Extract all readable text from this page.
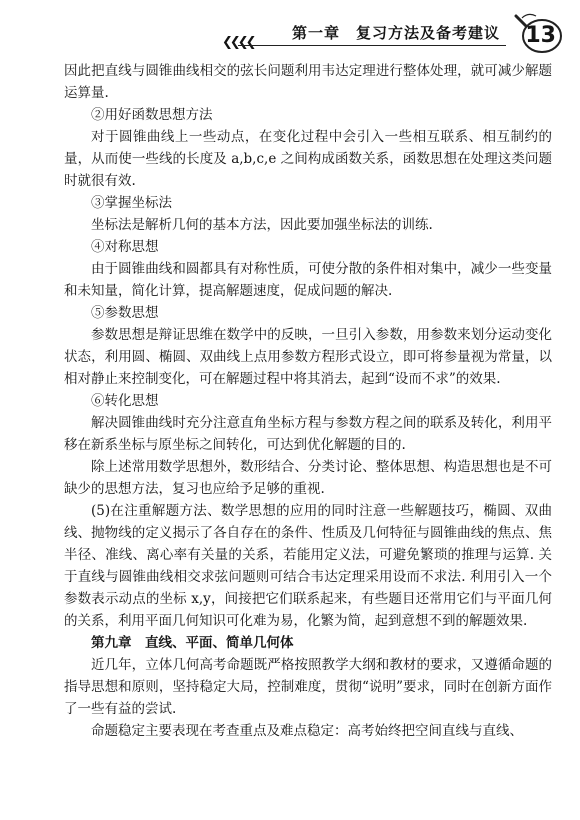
❮❮❮❮
第一章　复习方法及备考建议 13

因此把直线与圆锥曲线相交的弦长问题利用韦达定理进行整体处理，就可减少解题运算量.

②用好函数思想方法

对于圆锥曲线上一些动点，在变化过程中会引入一些相互联系、相互制约的量，从而使一些线的长度及 a,b,c,e 之间构成函数关系，函数思想在处理这类问题时就很有效.

③掌握坐标法

坐标法是解析几何的基本方法，因此要加强坐标法的训练.

④对称思想

由于圆锥曲线和圆都具有对称性质，可使分散的条件相对集中，减少一些变量和未知量，简化计算，提高解题速度，促成问题的解决.

⑤参数思想

参数思想是辩证思维在数学中的反映，一旦引入参数，用参数来划分运动变化状态，利用圆、椭圆、双曲线上点用参数方程形式设立，即可将参量视为常量，以相对静止来控制变化，可在解题过程中将其消去，起到“设而不求”的效果.

⑥转化思想

解决圆锥曲线时充分注意直角坐标方程与参数方程之间的联系及转化，利用平移在新系坐标与原坐标之间转化，可达到优化解题的目的.

除上述常用数学思想外，数形结合、分类讨论、整体思想、构造思想也是不可缺少的思想方法，复习也应给予足够的重视.

(5)在注重解题方法、数学思想的应用的同时注意一些解题技巧，椭圆、双曲线、抛物线的定义揭示了各自存在的条件、性质及几何特征与圆锥曲线的焦点、焦半径、准线、离心率有关量的关系，若能用定义法，可避免繁琐的推理与运算. 关于直线与圆锥曲线相交求弦问题则可结合韦达定理采用设而不求法. 利用引入一个参数表示动点的坐标 x,y，间接把它们联系起来，有些题目还常用它们与平面几何的关系，利用平面几何知识可化难为易，化繁为简，起到意想不到的解题效果.

第九章　直线、平面、简单几何体

近几年，立体几何高考命题既严格按照教学大纲和教材的要求，又遵循命题的指导思想和原则，坚持稳定大局，控制难度，贯彻“说明”要求，同时在创新方面作了一些有益的尝试.

命题稳定主要表现在考查重点及难点稳定：高考始终把空间直线与直线、
